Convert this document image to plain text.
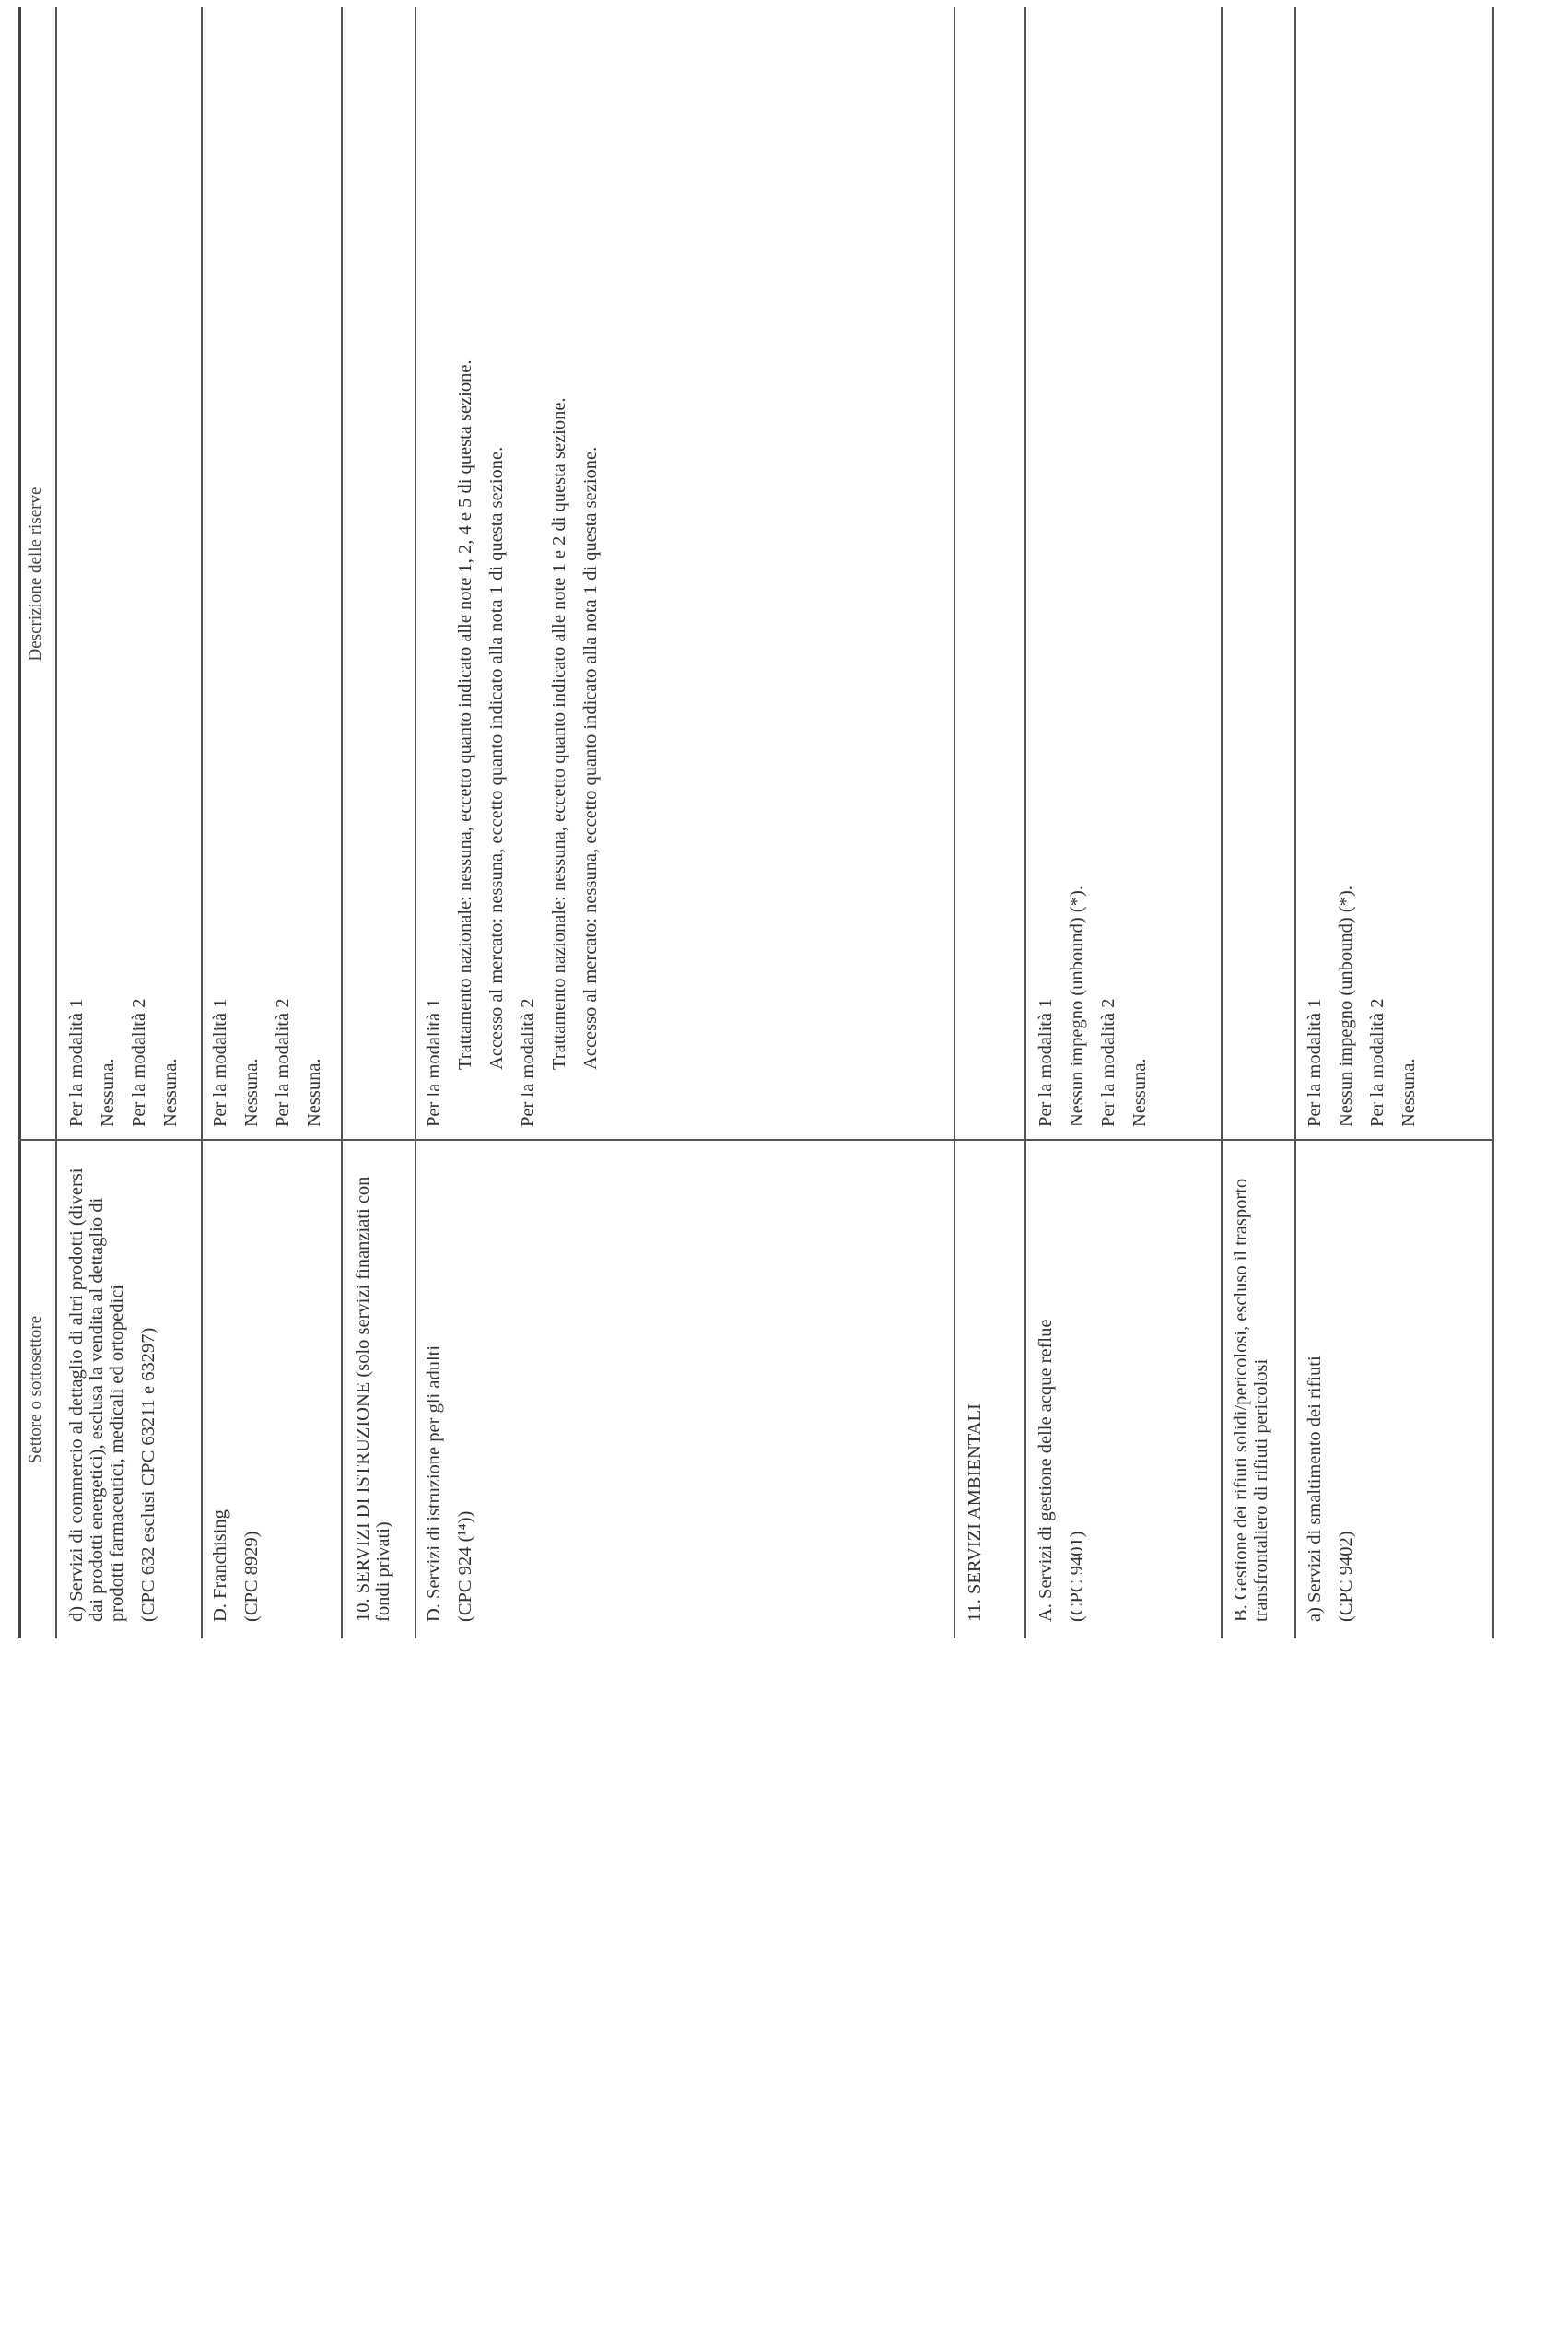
Settore o sottosettore
Descrizione delle riserve

d) Servizi di commercio al dettaglio di altri prodotti (diversi dai prodotti energetici), esclusa la vendita al dettaglio di prodotti farmaceutici, medicali ed ortopedici (CPC 632 esclusi CPC 63211 e 63297)

Per la modalità 1 Nessuna. Per la modalità 2 Nessuna.

D. Franchising (CPC 8929)

Per la modalità 1 Nessuna. Per la modalità 2 Nessuna.

10. SERVIZI DI ISTRUZIONE (solo servizi finanziati con fondi privati) D. Servizi di istruzione per gli adulti (CPC 924 (¹⁴))

Per la modalità 1 Trattamento nazionale: nessuna, eccetto quanto indicato alle note 1, 2, 4 e 5 di questa sezione. Accesso al mercato: nessuna, eccetto quanto indicato alla nota 1 di questa sezione. Per la modalità 2 Trattamento nazionale: nessuna, eccetto quanto indicato alle note 1 e 2 di questa sezione. Accesso al mercato: nessuna, eccetto quanto indicato alla nota 1 di questa sezione.

11. SERVIZI AMBIENTALI	A. Servizi di gestione delle acque reflue (CPC 9401)

Per la modalità 1 Nessun impegno (unbound) (*). Per la modalità 2 Nessuna.

B. Gestione dei rifiuti solidi/pericolosi, escluso il trasporto transfrontaliero di rifiuti pericolosi a) Servizi di smaltimento dei rifiuti (CPC 9402)

Per la modalità 1 Nessun impegno (unbound) (*). Per la modalità 2 Nessuna.
